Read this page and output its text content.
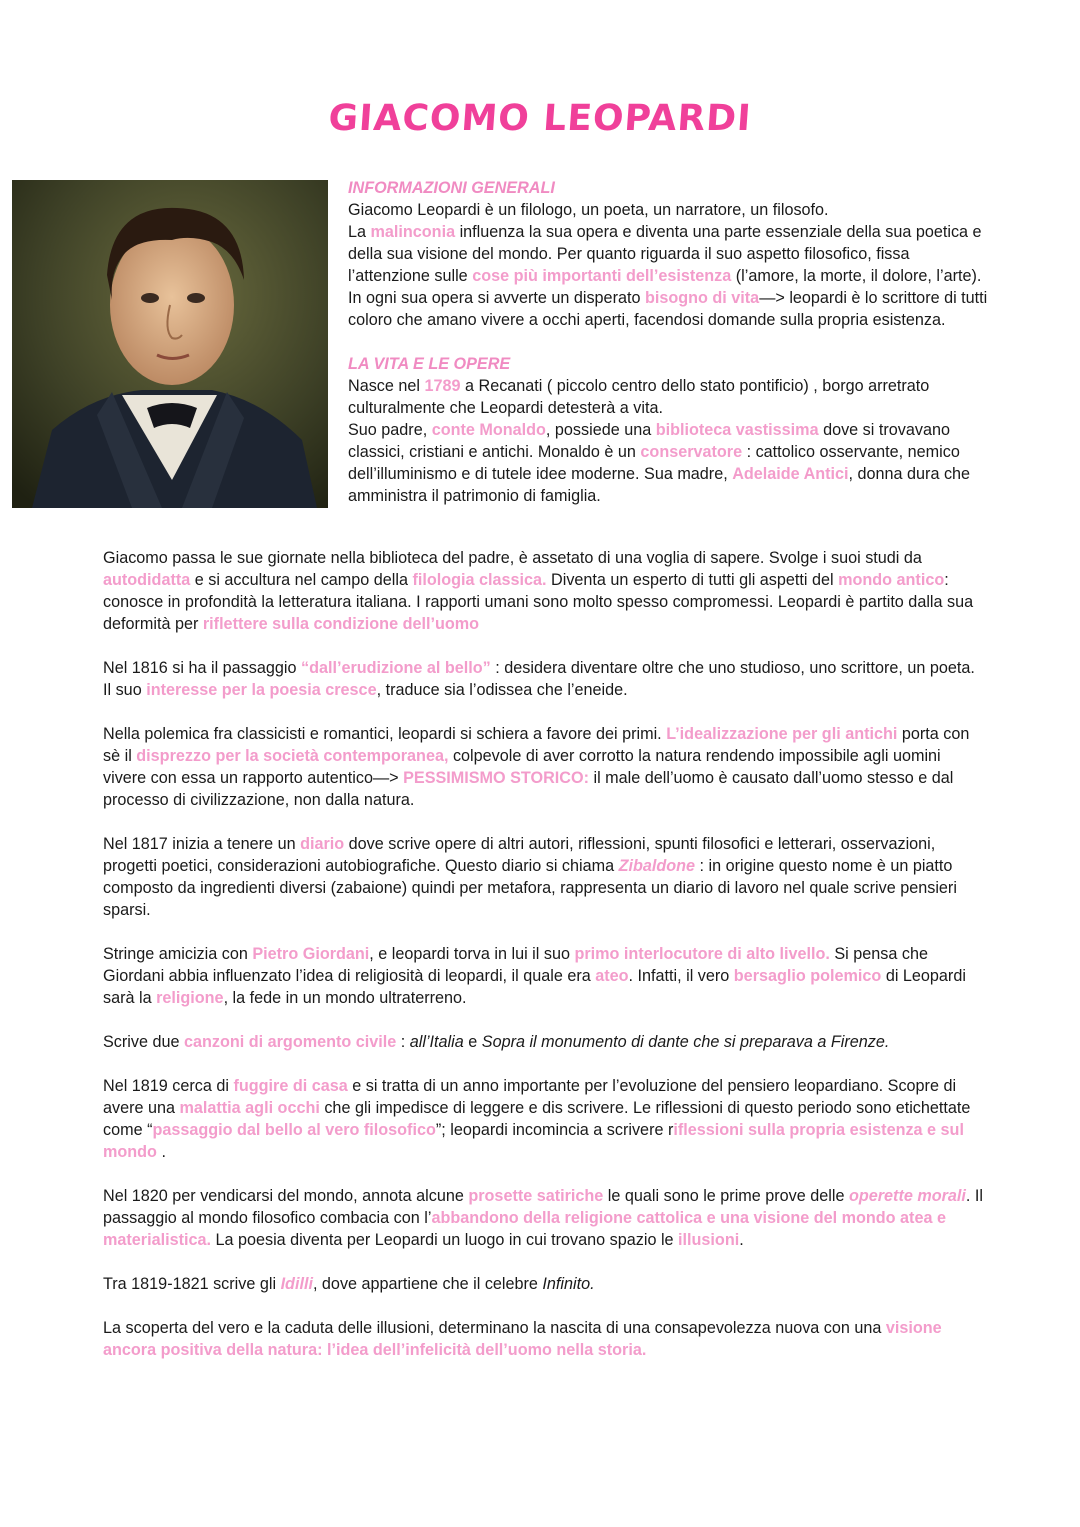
GIACOMO LEOPARDI

INFORMAZIONI GENERALI

Giacomo Leopardi è un filologo, un poeta, un narratore, un filosofo.

La malinconia influenza la sua opera e diventa una parte essenziale della sua poetica e della sua visione del mondo. Per quanto riguarda il suo aspetto filosofico, fissa l’attenzione sulle cose più importanti dell’esistenza (l’amore, la morte, il dolore, l’arte). In ogni sua opera si avverte un disperato bisogno di vita—> leopardi è lo scrittore di tutti coloro che amano vivere a occhi aperti, facendosi domande sulla propria esistenza.

LA VITA E LE OPERE

Nasce nel 1789 a Recanati ( piccolo centro dello stato pontificio) , borgo arretrato culturalmente che Leopardi detesterà a vita.

Suo padre, conte Monaldo, possiede una biblioteca vastissima dove si trovavano classici, cristiani e antichi. Monaldo è un conservatore : cattolico osservante, nemico dell’illuminismo e di tutele idee moderne. Sua madre, Adelaide Antici, donna dura che amministra il patrimonio di famiglia.

Giacomo passa le sue giornate nella biblioteca del padre, è assetato di una voglia di sapere. Svolge i suoi studi da autodidatta e si accultura nel campo della filologia classica. Diventa un esperto di tutti gli aspetti del mondo antico: conosce in profondità la letteratura italiana. I rapporti umani sono molto spesso compromessi. Leopardi è partito dalla sua deformità per riflettere sulla condizione dell’uomo

Nel 1816 si ha il passaggio “dall’erudizione al bello” : desidera diventare oltre che uno studioso, uno scrittore, un poeta. Il suo interesse per la poesia cresce, traduce sia l’odissea che l’eneide.

Nella polemica fra classicisti e romantici, leopardi si schiera a favore dei primi. L’idealizzazione per gli antichi porta con sè il disprezzo per la società contemporanea, colpevole di aver corrotto la natura rendendo impossibile agli uomini vivere con essa un rapporto autentico—> PESSIMISMO STORICO: il male dell’uomo è causato dall’uomo stesso e dal processo di civilizzazione, non dalla natura.

Nel 1817 inizia a tenere un diario dove scrive opere di altri autori, riflessioni, spunti filosofici e letterari, osservazioni, progetti poetici, considerazioni autobiografiche. Questo diario si chiama Zibaldone : in origine questo nome è un piatto composto da ingredienti diversi (zabaione) quindi per metafora, rappresenta un diario di lavoro nel quale scrive pensieri sparsi.

Stringe amicizia con Pietro Giordani, e leopardi torva in lui il suo primo interlocutore di alto livello. Si pensa che Giordani abbia influenzato l’idea di religiosità di leopardi, il quale era ateo. Infatti, il vero bersaglio polemico di Leopardi sarà la religione, la fede in un mondo ultraterreno.

Scrive due canzoni di argomento civile : all’Italia e Sopra il monumento di dante che si preparava a Firenze.

Nel 1819 cerca di fuggire di casa e si tratta di un anno importante per l’evoluzione del pensiero leopardiano. Scopre di avere una malattia agli occhi che gli impedisce di leggere e dis scrivere. Le riflessioni di questo periodo sono etichettate come “passaggio dal bello al vero filosofico”; leopardi incomincia a scrivere riflessioni sulla propria esistenza e sul mondo .

Nel 1820 per vendicarsi del mondo, annota alcune prosette satiriche le quali sono le prime prove delle operette morali. Il passaggio al mondo filosofico combacia con l’abbandono della religione cattolica e una visione del mondo atea e materialistica. La poesia diventa per Leopardi un luogo in cui trovano spazio le illusioni.

Tra 1819-1821 scrive gli Idilli, dove appartiene che il celebre Infinito.

La scoperta del vero e la caduta delle illusioni, determinano la nascita di una consapevolezza nuova con una visione ancora positiva della natura: l’idea dell’infelicità dell’uomo nella storia.
